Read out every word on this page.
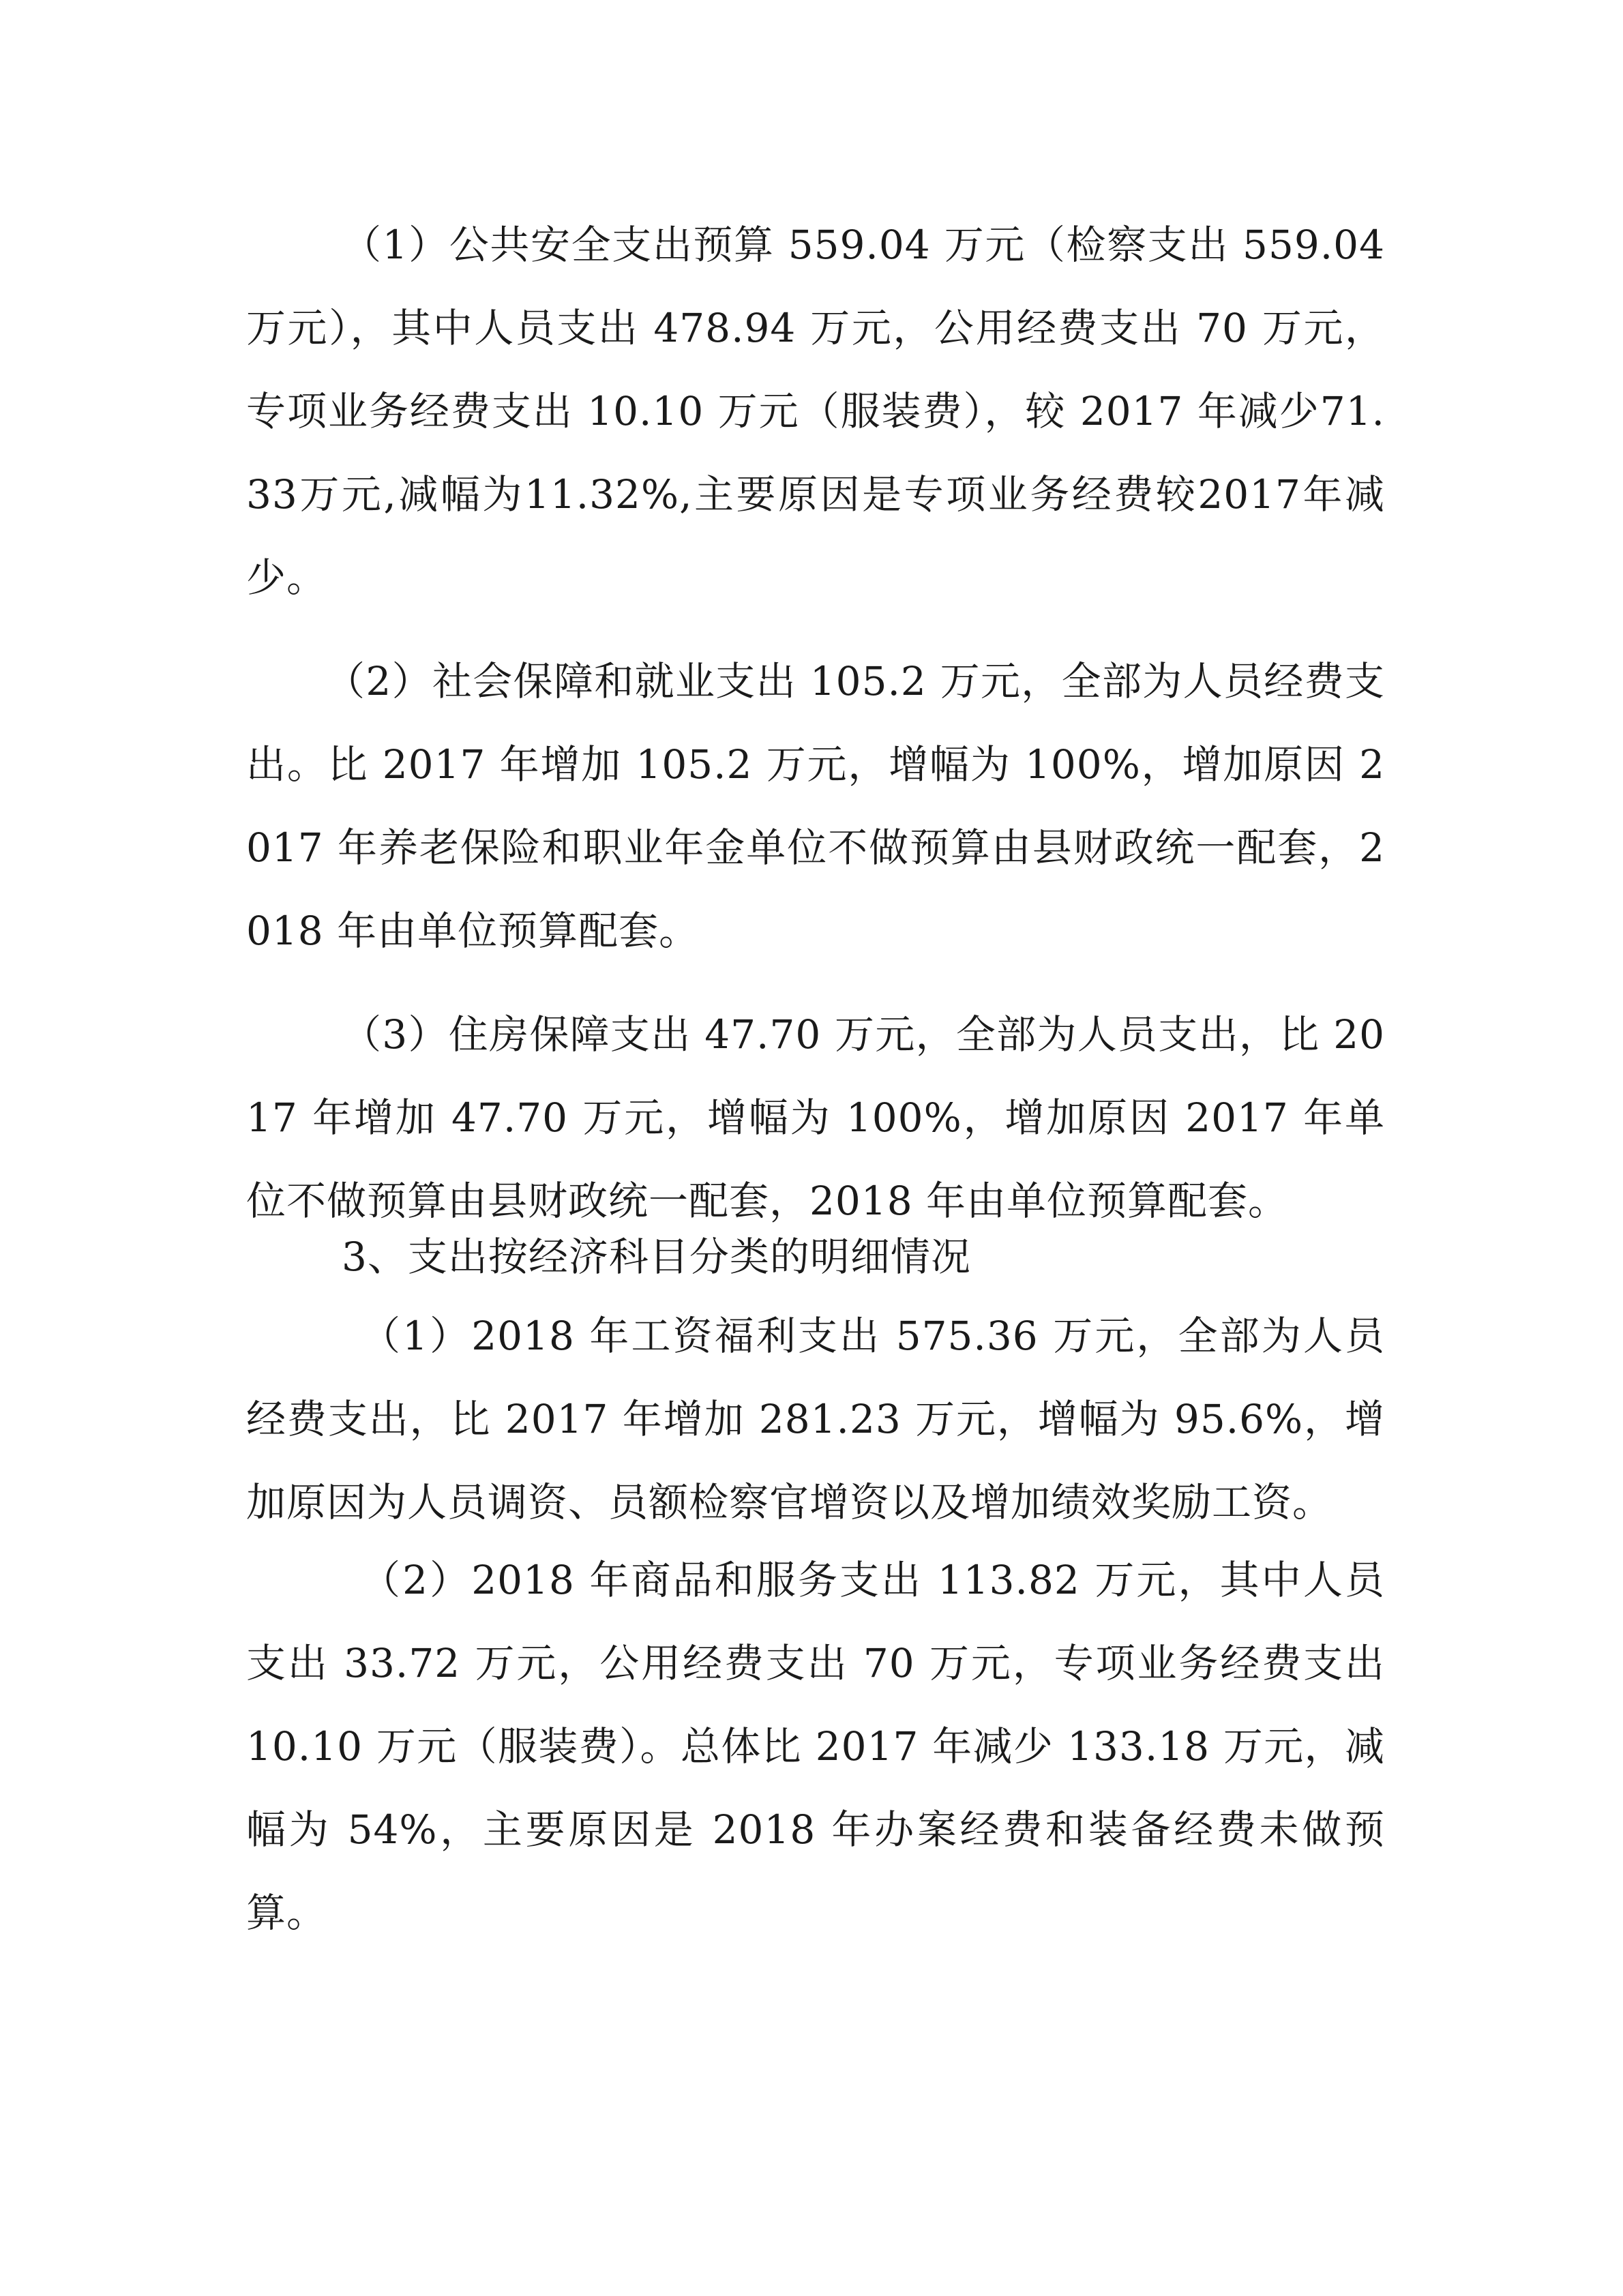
（1）公共安全支出预算 559.04 万元（检察支出 559.04 万元），其中人员支出 478.94 万元，公用经费支出 70 万元，专项业务经费支出 10.10 万元（服装费），较 2017 年减少71.33万元,减幅为11.32%,主要原因是专项业务经费较2017年减少。

（2）社会保障和就业支出 105.2 万元，全部为人员经费支出。比 2017 年增加 105.2 万元，增幅为 100%，增加原因 2017 年养老保险和职业年金单位不做预算由县财政统一配套，2018 年由单位预算配套。

（3）住房保障支出 47.70 万元，全部为人员支出，比 2017 年增加 47.70 万元，增幅为 100%，增加原因 2017 年单位不做预算由县财政统一配套，2018 年由单位预算配套。

3、支出按经济科目分类的明细情况

（1）2018 年工资福利支出 575.36 万元，全部为人员经费支出，比 2017 年增加 281.23 万元，增幅为 95.6%，增加原因为人员调资、员额检察官增资以及增加绩效奖励工资。

（2）2018 年商品和服务支出 113.82 万元，其中人员支出 33.72 万元，公用经费支出 70 万元，专项业务经费支出 10.10 万元（服装费）。总体比 2017 年减少 133.18 万元，减幅为 54%，主要原因是 2018 年办案经费和装备经费未做预算。
